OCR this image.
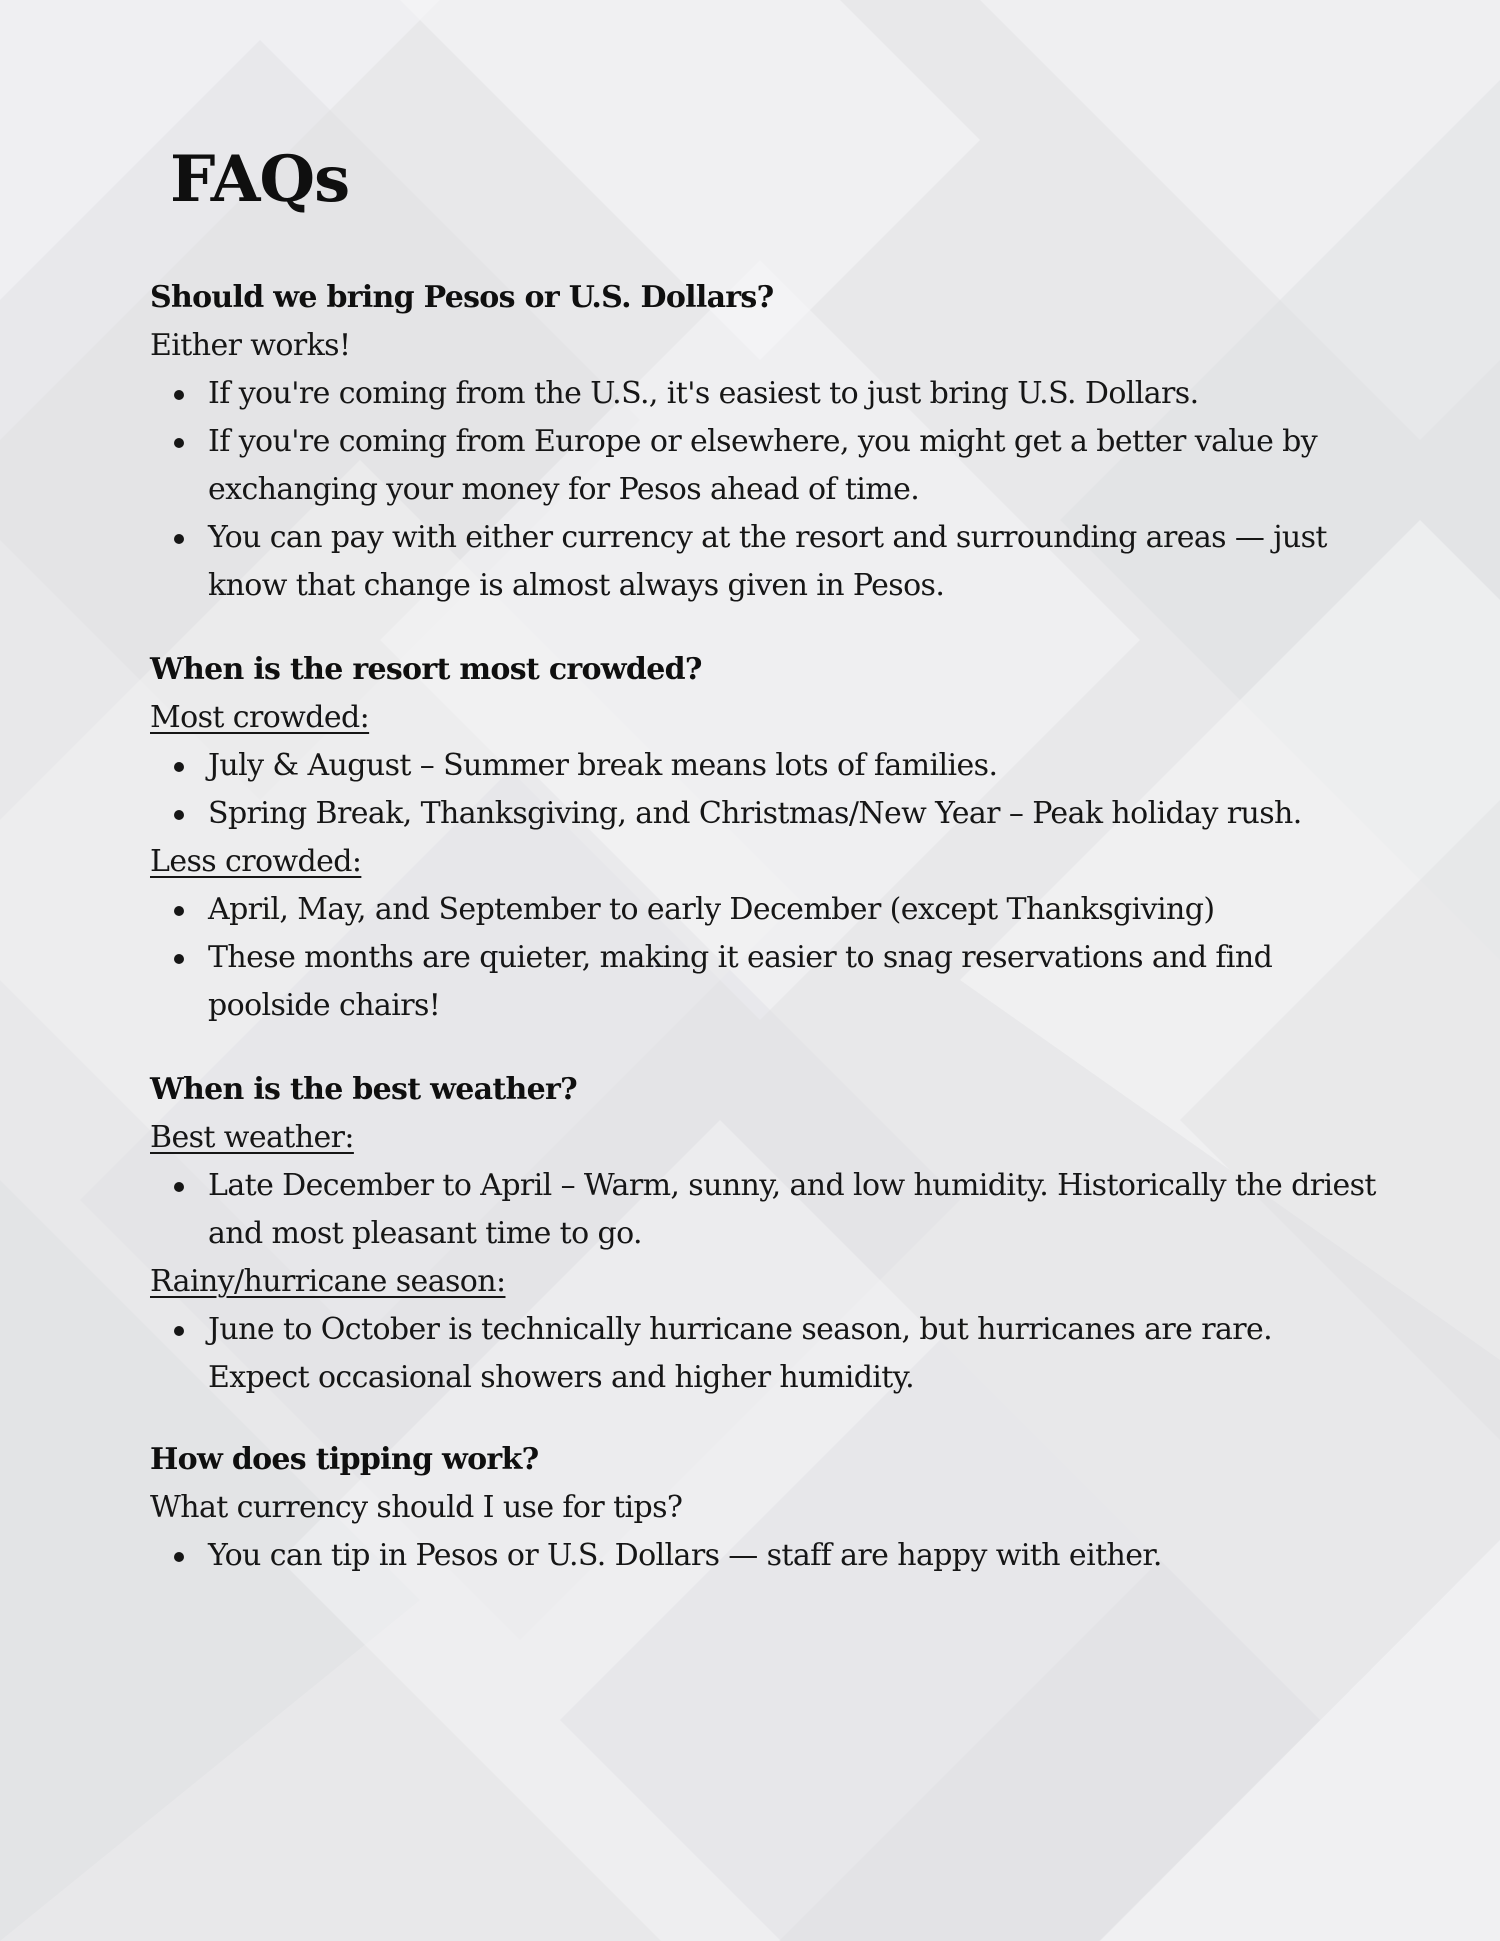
FAQs

Should we bring Pesos or U.S. Dollars?

Either works!

If you're coming from the U.S., it's easiest to just bring U.S. Dollars.
If you're coming from Europe or elsewhere, you might get a better value by exchanging your money for Pesos ahead of time.
You can pay with either currency at the resort and surrounding areas — just know that change is almost always given in Pesos.

When is the resort most crowded?

Most crowded:

July & August – Summer break means lots of families.
Spring Break, Thanksgiving, and Christmas/New Year – Peak holiday rush.

Less crowded:

April, May, and September to early December (except Thanksgiving)
These months are quieter, making it easier to snag reservations and find poolside chairs!

When is the best weather?

Best weather:

Late December to April – Warm, sunny, and low humidity. Historically the driest and most pleasant time to go.

Rainy/hurricane season:

June to October is technically hurricane season, but hurricanes are rare. Expect occasional showers and higher humidity.

How does tipping work?

What currency should I use for tips?

You can tip in Pesos or U.S. Dollars — staff are happy with either.
